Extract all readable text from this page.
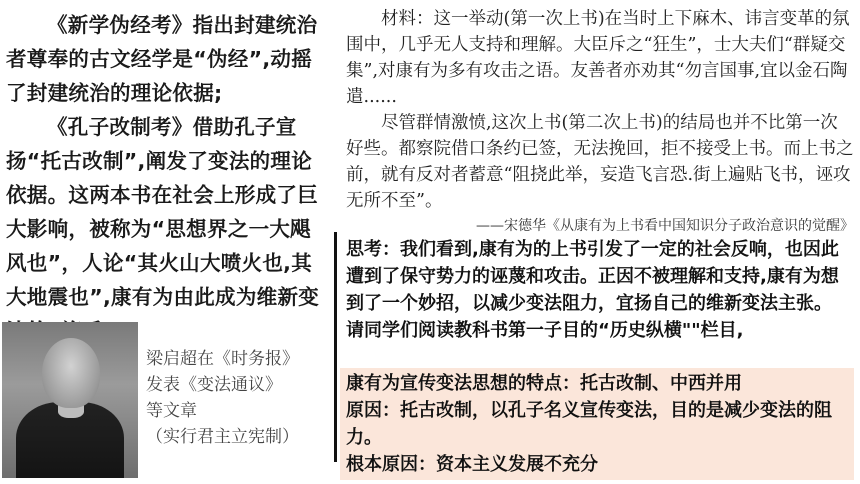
《新学伪经考》指出封建统治者尊奉的古文经学是“伪经”,动摇了封建统治的理论依据;

《孔子改制考》借助孔子宣扬“托古改制”,阐发了变法的理论依据。这两本书在社会上形成了巨大影响，被称为“思想界之一大飓风也”，人论“其火山大喷火也,其大地震也”,康有为由此成为维新变

梁启超在《时务报》
发表《变法通议》
等文章
（实行君主立宪制）

材料：这一举动(第一次上书)在当时上下麻木、讳言变革的氛围中，几乎无人支持和理解。大臣斥之“狂生”，士大夫们“群疑交集”,对康有为多有攻击之语。友善者亦劝其“勿言国事,宜以金石陶遣......

尽管群情激愤,这次上书(第二次上书)的结局也并不比第一次好些。都察院借口条约已签，无法挽回，拒不接受上书。而上书之前，就有反对者蓄意“阻挠此举，妄造飞言恐.街上遍贴飞书，诬攻无所不至”。

——宋德华《从康有为上书看中国知识分子政治意识的觉醒》

思考：我们看到,康有为的上书引发了一定的社会反响，也因此遭到了保守势力的诬蔑和攻击。正因不被理解和支持,康有为想到了一个妙招，以减少变法阻力，宜扬自己的维新变法主张。

请同学们阅读教科书第一子目的“历史纵横""栏目,

康有为宣传变法思想的特点：托古改制、中西并用

原因：托古改制，以孔子名义宣传变法，目的是减少变法的阻力。

根本原因：资本主义发展不充分
